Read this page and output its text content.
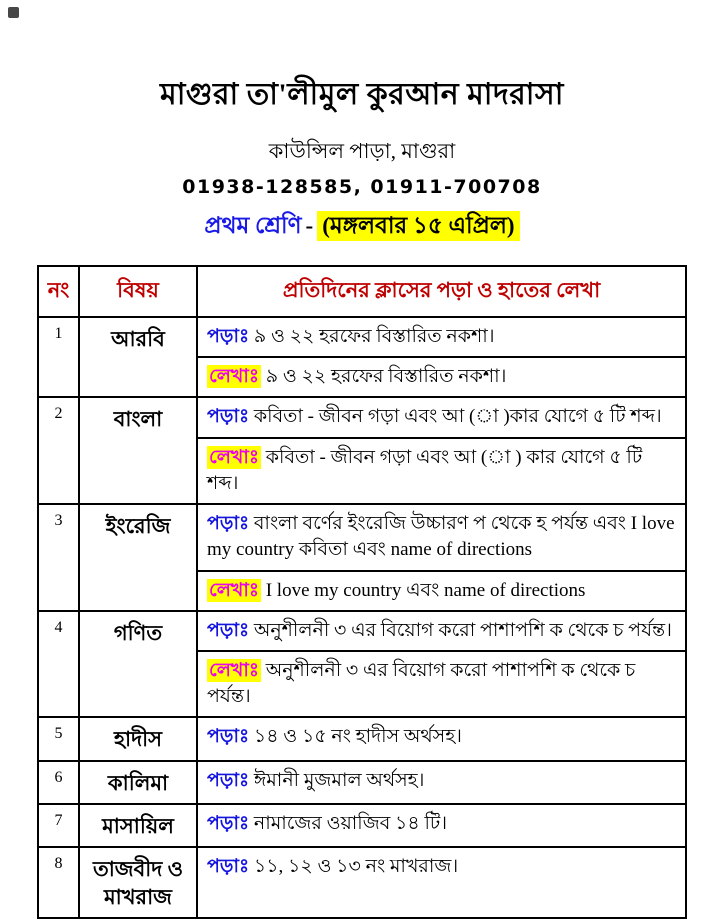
মাগুরা তা'লীমুল কুরআন মাদরাসা
কাউন্সিল পাড়া, মাগুরা
01938-128585, 01911-700708
প্রথম শ্রেণি - (মঙ্গলবার ১৫ এপ্রিল)
নং	বিষয়	প্রতিদিনের ক্লাসের পড়া ও হাতের লেখা
1	আরবি	পড়াঃ ৯ ও ২২ হরফের বিস্তারিত নকশা।
		লেখাঃ ৯ ও ২২ হরফের বিস্তারিত নকশা।
2	বাংলা	পড়াঃ কবিতা - জীবন গড়া এবং আ (◌া )কার যোগে ৫ টি শব্দ।
		লেখাঃ কবিতা - জীবন গড়া এবং আ (◌া ) কার যোগে ৫ টি শব্দ।
3	ইংরেজি	পড়াঃ বাংলা বর্ণের ইংরেজি উচ্চারণ প থেকে হ পর্যন্ত এবং I love my country কবিতা এবং name of directions
		লেখাঃ I love my country এবং name of directions
4	গণিত	পড়াঃ অনুশীলনী ৩ এর বিয়োগ করো পাশাপশি ক থেকে চ পর্যন্ত।
		লেখাঃ অনুশীলনী ৩ এর বিয়োগ করো পাশাপশি ক থেকে চ পর্যন্ত।
5	হাদীস	পড়াঃ ১৪ ও ১৫ নং হাদীস অর্থসহ।
6	কালিমা	পড়াঃ ঈমানী মুজমাল অর্থসহ।
7	মাসায়িল	পড়াঃ নামাজের ওয়াজিব ১৪ টি।
8	তাজবীদ ও মাখরাজ	পড়াঃ ১১, ১২ ও ১৩ নং মাখরাজ।
